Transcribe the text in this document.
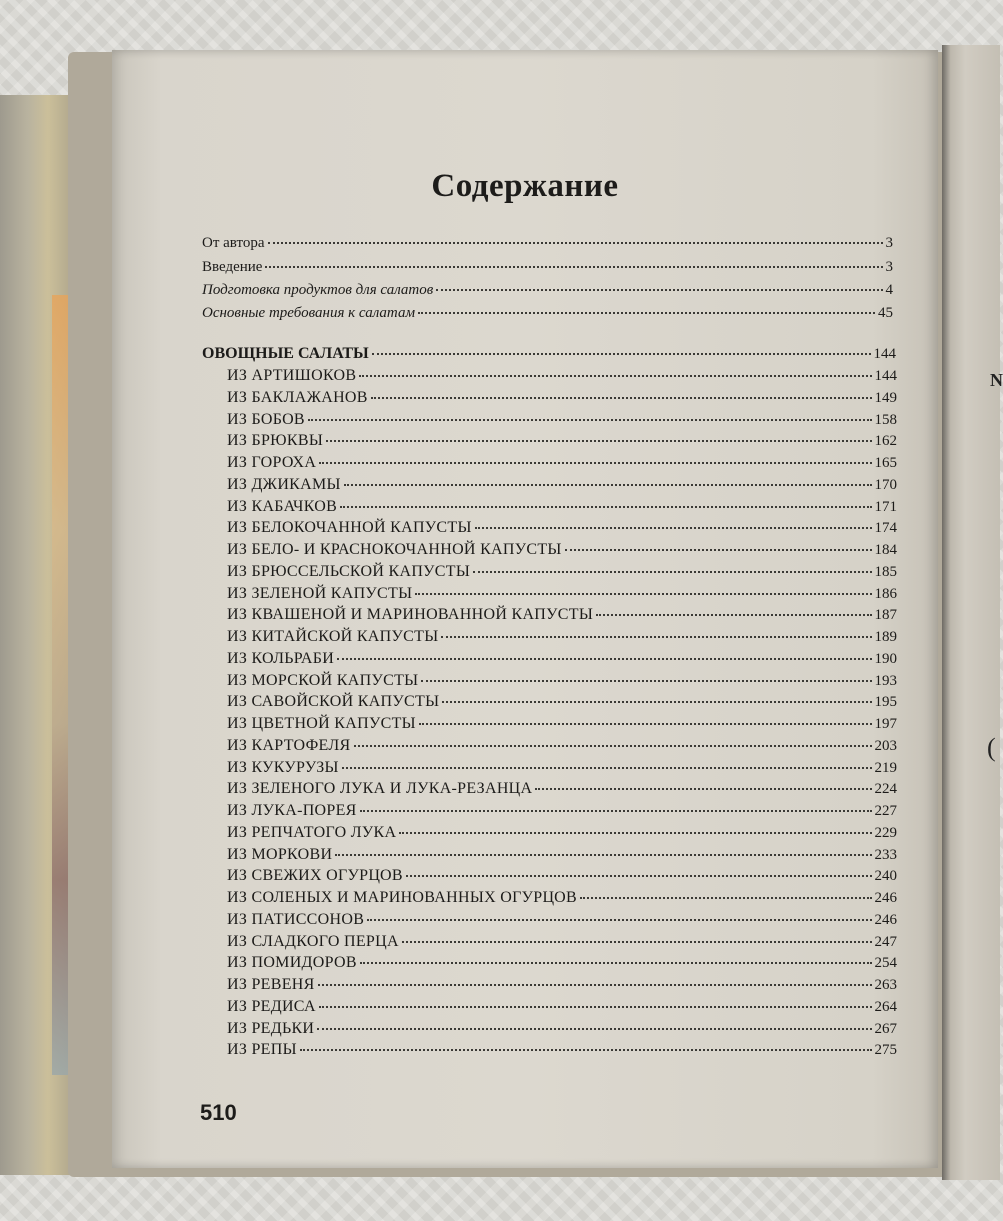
N
(
Содержание
От автора	3
Введение	3
Подготовка продуктов для салатов	4
Основные требования к салатам	45
ОВОЩНЫЕ САЛАТЫ	144
ИЗ АРТИШОКОВ	144
ИЗ БАКЛАЖАНОВ	149
ИЗ БОБОВ	158
ИЗ БРЮКВЫ	162
ИЗ ГОРОХА	165
ИЗ ДЖИКАМЫ	170
ИЗ КАБАЧКОВ	171
ИЗ БЕЛОКОЧАННОЙ КАПУСТЫ	174
ИЗ БЕЛО- И КРАСНОКОЧАННОЙ КАПУСТЫ	184
ИЗ БРЮССЕЛЬСКОЙ КАПУСТЫ	185
ИЗ ЗЕЛЕНОЙ КАПУСТЫ	186
ИЗ КВАШЕНОЙ И МАРИНОВАННОЙ КАПУСТЫ	187
ИЗ КИТАЙСКОЙ КАПУСТЫ	189
ИЗ КОЛЬРАБИ	190
ИЗ МОРСКОЙ КАПУСТЫ	193
ИЗ САВОЙСКОЙ КАПУСТЫ	195
ИЗ ЦВЕТНОЙ КАПУСТЫ	197
ИЗ КАРТОФЕЛЯ	203
ИЗ КУКУРУЗЫ	219
ИЗ ЗЕЛЕНОГО ЛУКА И ЛУКА-РЕЗАНЦА	224
ИЗ ЛУКА-ПОРЕЯ	227
ИЗ РЕПЧАТОГО ЛУКА	229
ИЗ МОРКОВИ	233
ИЗ СВЕЖИХ ОГУРЦОВ	240
ИЗ СОЛЕНЫХ И МАРИНОВАННЫХ ОГУРЦОВ	246
ИЗ ПАТИССОНОВ	246
ИЗ СЛАДКОГО ПЕРЦА	247
ИЗ ПОМИДОРОВ	254
ИЗ РЕВЕНЯ	263
ИЗ РЕДИСА	264
ИЗ РЕДЬКИ	267
ИЗ РЕПЫ	275
510
